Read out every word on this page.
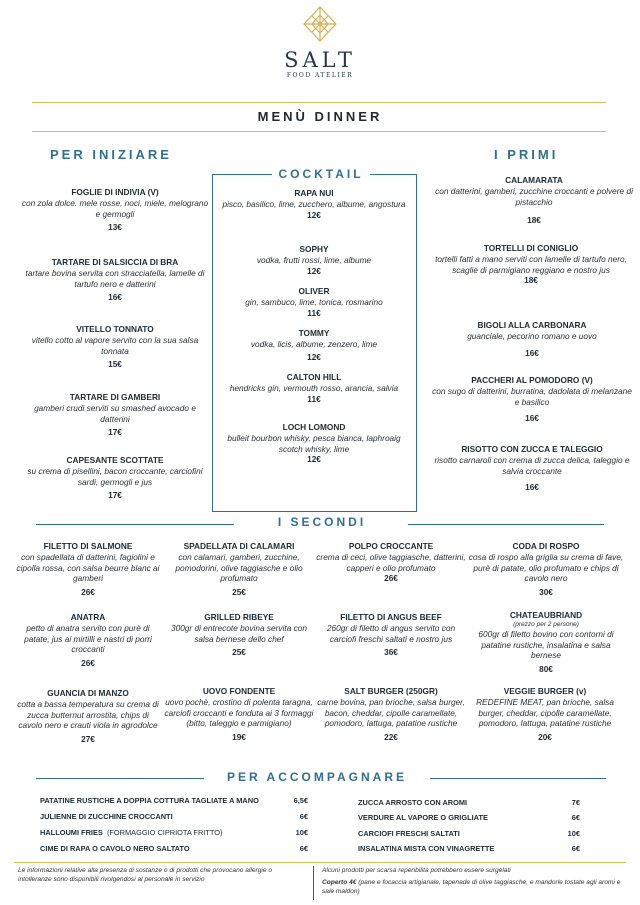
SALT
FOOD ATELIER
MENÙ DINNER
PER INIZIARE	I PRIMI
COCKTAIL
FOGLIE DI INDIVIA (V)
con zola dolce. mele rosse, noci, miele, melograno e germogli
13€
TARTARE DI SALSICCIA DI BRA
tartare bovina servita con stracciatella, lamelle di tartufo nero e datterini
16€
VITELLO TONNATO
vitello cotto al vapore servito con la sua salsa tonnata
15€
TARTARE DI GAMBERI
gamberi crudi serviti su smashed avocado e datterini
17€
CAPESANTE SCOTTATE
su crema di pisellini, bacon croccante, carciofini sardi, germogli e jus
17€
RAPA NUI
pisco, basilico, lime, zucchero, albume, angostura
12€
SOPHY
vodka, frutti rossi, lime, albume
12€
OLIVER
gin, sambuco, lime, tonica, rosmarino
11€
TOMMY
vodka, licis, albume, zenzero, lime
12€
CALTON HILL
hendricks gin, vermouth rosso, arancia, salvia
11€
LOCH LOMOND
bulleit bourbon whisky, pesca bianca, laphroaig scotch whisky, lime
12€
CALAMARATA
con datterini, gamberi, zucchine croccanti e polvere di pistacchio
18€
TORTELLI DI CONIGLIO
tortelli fatti a mano serviti con lamelle di tartufo nero, scaglie di parmigiano reggiano e nostro jus
18€
BIGOLI ALLA CARBONARA
guanciale, pecorino romano e uovo
16€
PACCHERI AL POMODORO (V)
con sugo di datterini, burratina, dadolata di melanzane e basilico
16€
RISOTTO CON ZUCCA E TALEGGIO
risotto carnaroli con crema di zucca delica, taleggio e salvia croccante
16€
I SECONDI
FILETTO DI SALMONE
con spadellata di datterini, fagiolini e cipolla rossa, con salsa beurre blanc ai gamberi
26€
SPADELLATA DI CALAMARI
con calamari, gamberi, zucchine, pomodorini, olive taggiasche e olio profumato
25€
POLPO CROCCANTE
crema di ceci, olive taggiasche, datterini, capperi e olio profumato
26€
CODA DI ROSPO
cosa di rospo alla griglia su crema di fave, purè di patate, olio profumato e chips di cavolo nero
30€
ANATRA
petto di anatra servito con purè di patate, jus ai mirtilli e nastri di porri croccanti
26€
GRILLED RIBEYE
300gr di entrecote bovina servita con salsa bernese dello chef
25€
FILETTO DI ANGUS BEEF
260gr di filetto di angus servito con carciofi freschi saltati e nostro jus
36€
CHATEAUBRIAND
(prezzo per 2 persone)
600gr di filetto bovino con contorni di patatine rustiche, insalatina e salsa bernese
80€
GUANCIA DI MANZO
cotta a bassa temperatura su crema di zucca butternut arrostita, chips di cavolo nero e crauti viola in agrodolce
27€
UOVO FONDENTE
uovo pochè, crostino di polenta taragna, carciofi croccanti e fonduta ai 3 formaggi (bitto, taleggio e parmigiano)
19€
SALT BURGER (250GR)
carne bovina, pan brioche, salsa burger, bacon, cheddar, cipolle caramellate, pomodoro, lattuga, patatine rustiche
22€
VEGGIE BURGER (v)
REDEFINE MEAT, pan brioche, salsa burger, cheddar, cipolle caramellate, pomodoro, lattuga, patatine rustiche
20€
PER ACCOMPAGNARE
PATATINE RUSTICHE A DOPPIA COTTURA TAGLIATE A MANO	6,5€
JULIENNE DI ZUCCHINE CROCCANTI	6€
HALLOUMI FRIES (FORMAGGIO CIPRIOTA FRITTO)	10€
CIME DI RAPA O CAVOLO NERO SALTATO	6€
ZUCCA ARROSTO CON AROMI	7€
VERDURE AL VAPORE O GRIGLIATE	6€
CARCIOFI FRESCHI SALTATI	10€
INSALATINA MISTA CON VINAGRETTE	6€
Le informazioni relative alla presenza di sostanze o di prodotti che provocano allergie o intolleranze sono disponibili rivolgendosi al personale in servizio
Alcuni prodotti per scarsa reperibilità potrebbero essere surgelati
Coperto 4€ (pane e focaccia artigianale, tapenade di olive taggiasche, e mandorle tostate agli aromi e sale maldon)
